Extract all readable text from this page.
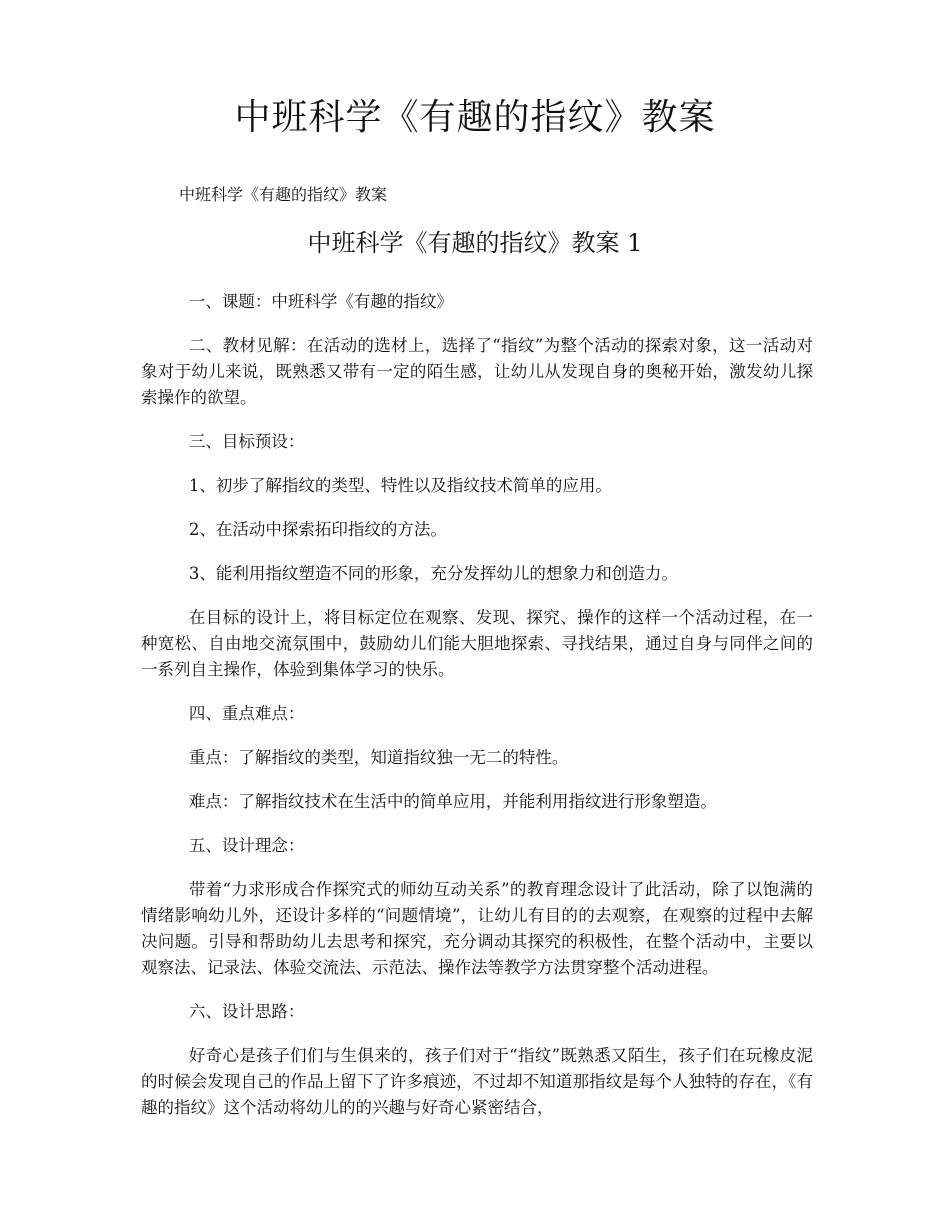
中班科学《有趣的指纹》教案

中班科学《有趣的指纹》教案

中班科学《有趣的指纹》教案 1

一、课题：中班科学《有趣的指纹》

二、教材见解：在活动的选材上，选择了“指纹”为整个活动的探索对象，这一活动对象对于幼儿来说，既熟悉又带有一定的陌生感，让幼儿从发现自身的奥秘开始，激发幼儿探索操作的欲望。

三、目标预设：

1、初步了解指纹的类型、特性以及指纹技术简单的应用。

2、在活动中探索拓印指纹的方法。

3、能利用指纹塑造不同的形象，充分发挥幼儿的想象力和创造力。

在目标的设计上，将目标定位在观察、发现、探究、操作的这样一个活动过程，在一种宽松、自由地交流氛围中，鼓励幼儿们能大胆地探索、寻找结果，通过自身与同伴之间的一系列自主操作，体验到集体学习的快乐。

四、重点难点：

重点：了解指纹的类型，知道指纹独一无二的特性。

难点：了解指纹技术在生活中的简单应用，并能利用指纹进行形象塑造。

五、设计理念：

带着“力求形成合作探究式的师幼互动关系”的教育理念设计了此活动，除了以饱满的情绪影响幼儿外，还设计多样的“问题情境”，让幼儿有目的的去观察，在观察的过程中去解决问题。引导和帮助幼儿去思考和探究，充分调动其探究的积极性，在整个活动中，主要以观察法、记录法、体验交流法、示范法、操作法等教学方法贯穿整个活动进程。

六、设计思路：

好奇心是孩子们们与生俱来的，孩子们对于“指纹”既熟悉又陌生，孩子们在玩橡皮泥的时候会发现自己的作品上留下了许多痕迹，不过却不知道那指纹是每个人独特的存在，《有趣的指纹》这个活动将幼儿的的兴趣与好奇心紧密结合，
